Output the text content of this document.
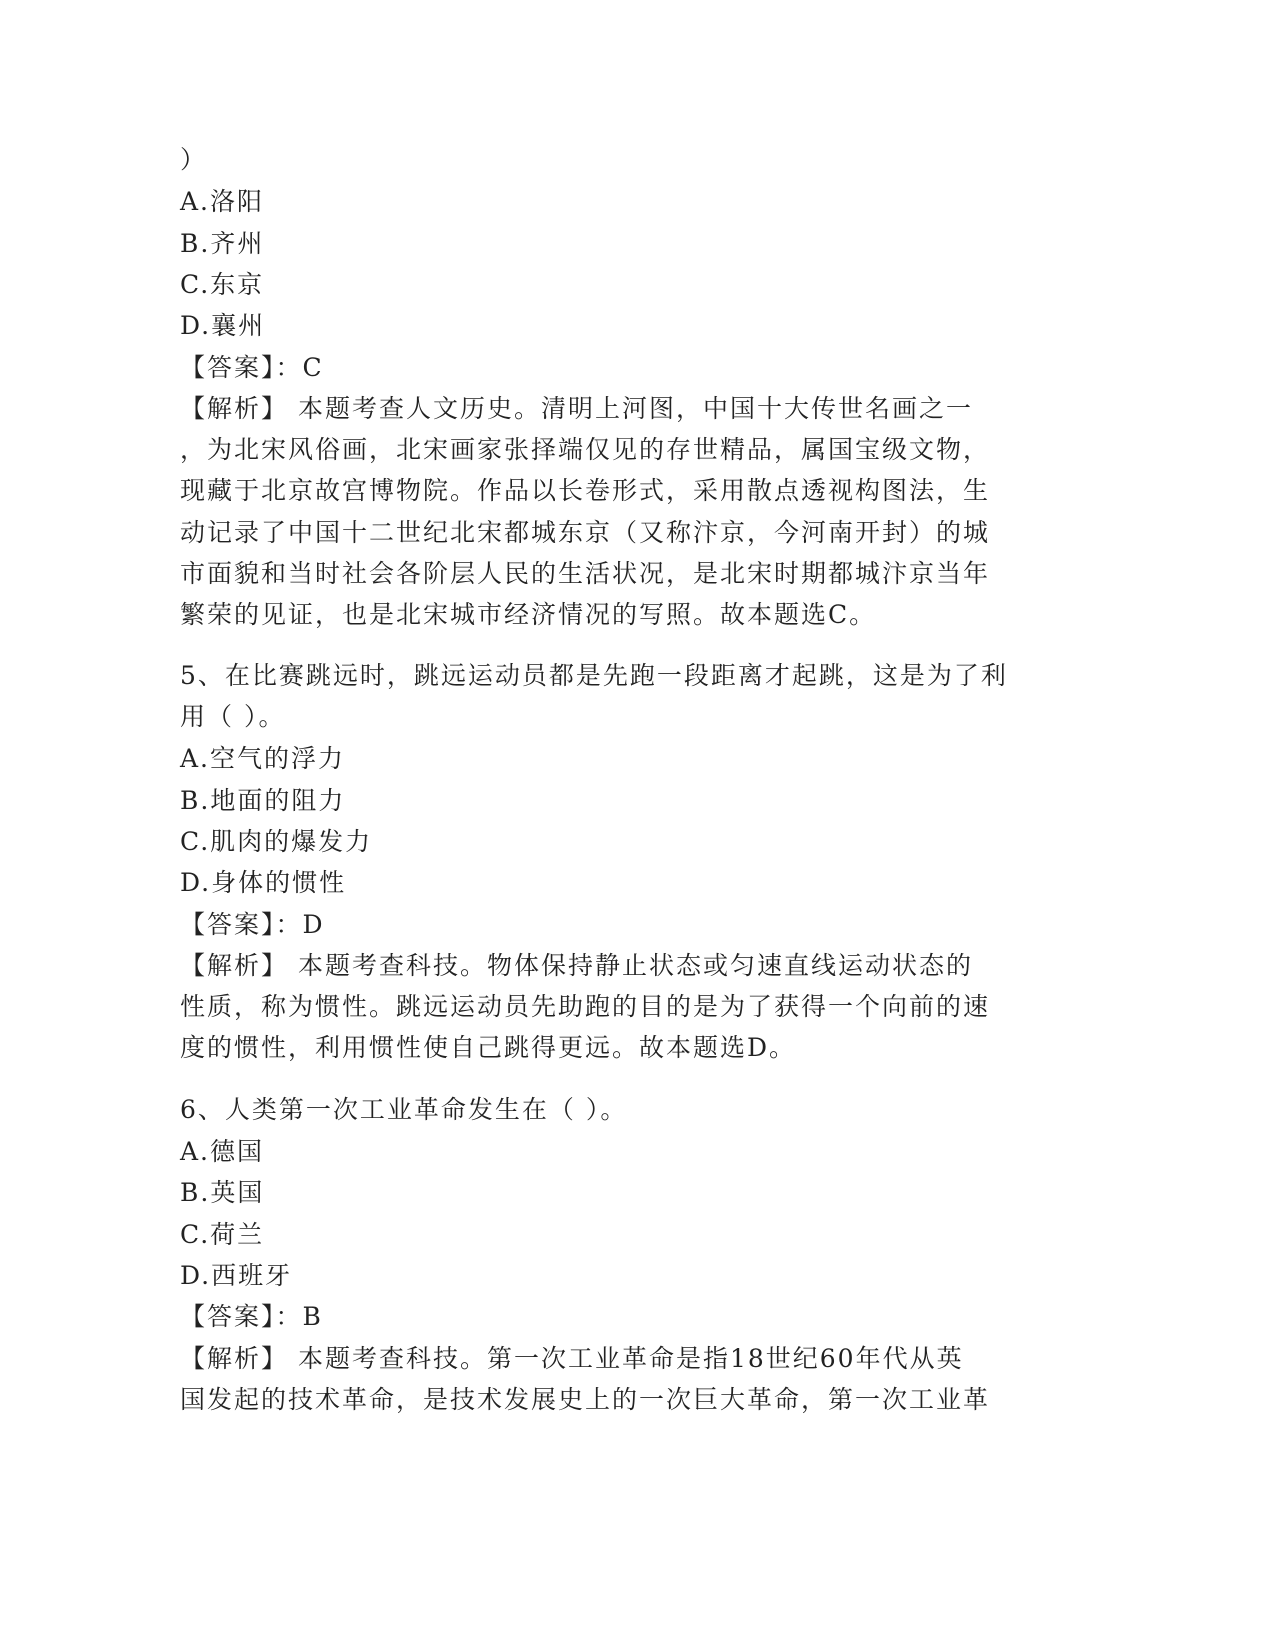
）
A.洛阳
B.齐州
C.东京
D.襄州
【答案】：C
【解析】 本题考查人文历史。清明上河图，中国十大传世名画之一
，为北宋风俗画，北宋画家张择端仅见的存世精品，属国宝级文物，
现藏于北京故宫博物院。作品以长卷形式，采用散点透视构图法，生
动记录了中国十二世纪北宋都城东京（又称汴京，今河南开封）的城
市面貌和当时社会各阶层人民的生活状况，是北宋时期都城汴京当年
繁荣的见证，也是北宋城市经济情况的写照。故本题选C。
5、在比赛跳远时，跳远运动员都是先跑一段距离才起跳，这是为了利
用（ ）。
A.空气的浮力
B.地面的阻力
C.肌肉的爆发力
D.身体的惯性
【答案】：D
【解析】 本题考查科技。物体保持静止状态或匀速直线运动状态的
性质，称为惯性。跳远运动员先助跑的目的是为了获得一个向前的速
度的惯性，利用惯性使自己跳得更远。故本题选D。
6、人类第一次工业革命发生在（ ）。
A.德国
B.英国
C.荷兰
D.西班牙
【答案】：B
【解析】 本题考查科技。第一次工业革命是指18世纪60年代从英
国发起的技术革命，是技术发展史上的一次巨大革命，第一次工业革
